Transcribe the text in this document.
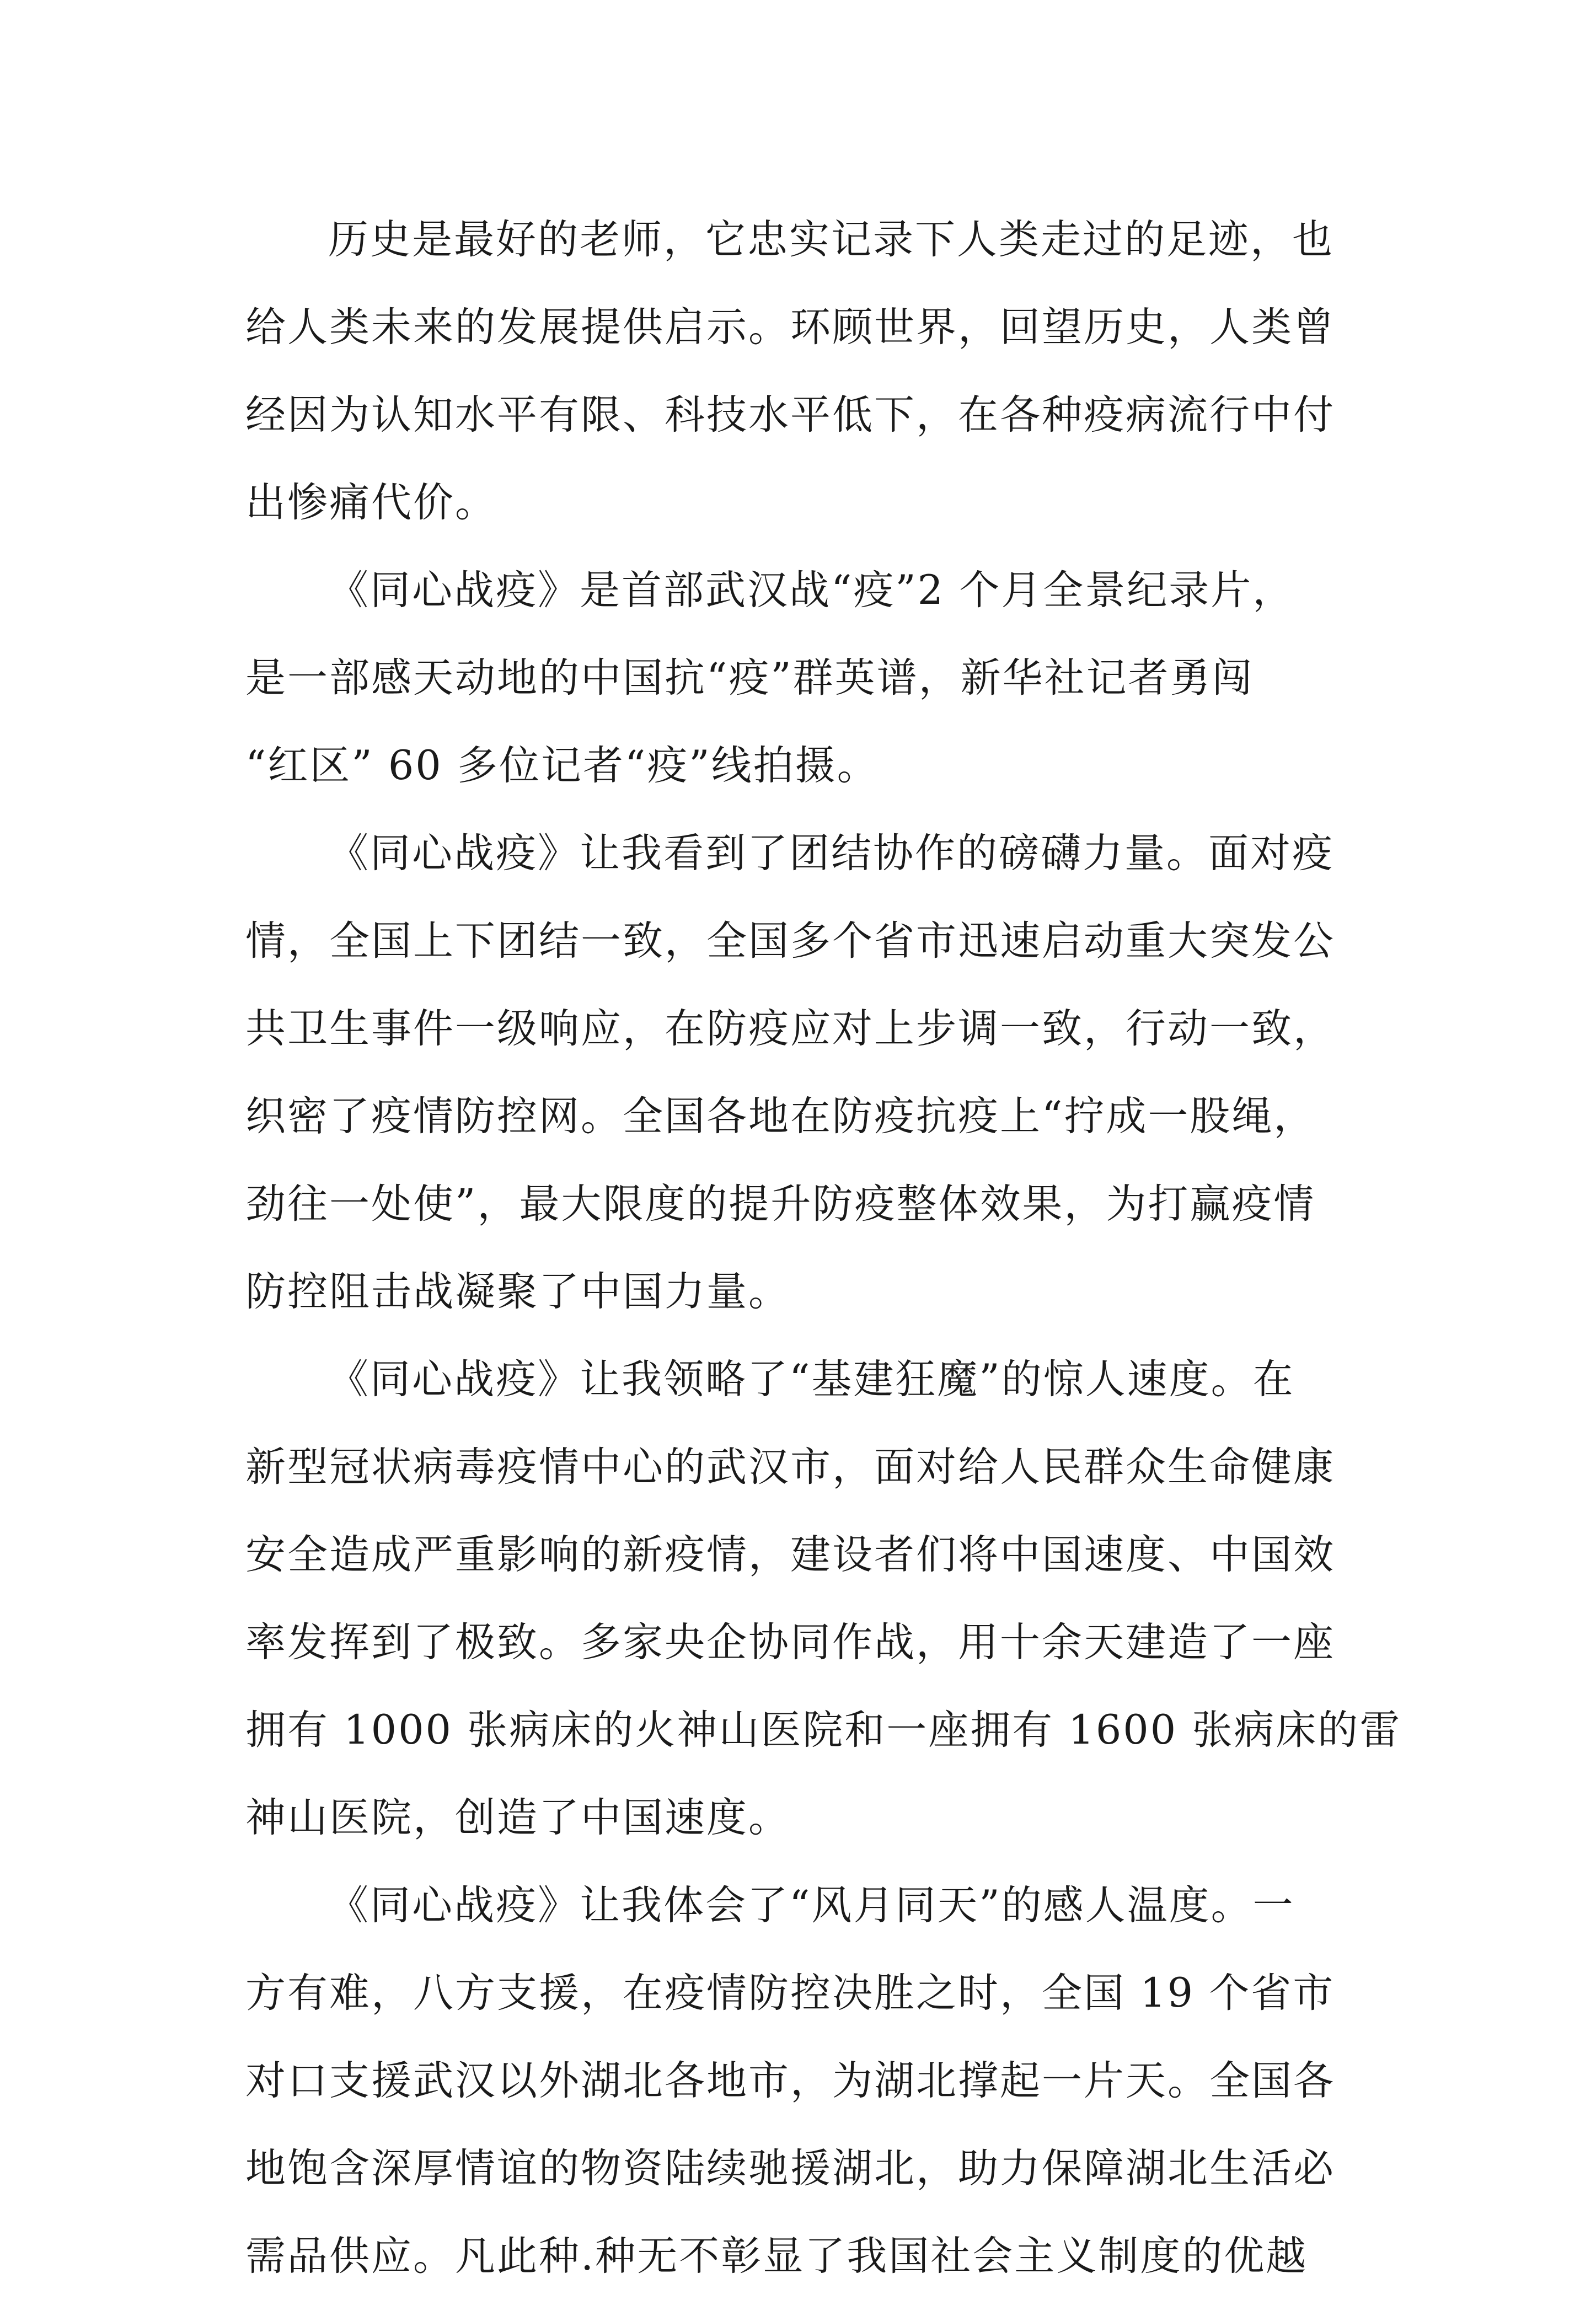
历史是最好的老师，它忠实记录下人类走过的足迹，也
给人类未来的发展提供启示。环顾世界，回望历史，人类曾
经因为认知水平有限、科技水平低下，在各种疫病流行中付
出惨痛代价。
《同心战疫》是首部武汉战“疫”2 个月全景纪录片，
是一部感天动地的中国抗“疫”群英谱，新华社记者勇闯
“红区” 60 多位记者“疫”线拍摄。
《同心战疫》让我看到了团结协作的磅礴力量。面对疫
情，全国上下团结一致，全国多个省市迅速启动重大突发公
共卫生事件一级响应，在防疫应对上步调一致，行动一致，
织密了疫情防控网。全国各地在防疫抗疫上“拧成一股绳，
劲往一处使”，最大限度的提升防疫整体效果，为打赢疫情
防控阻击战凝聚了中国力量。
《同心战疫》让我领略了“基建狂魔”的惊人速度。在
新型冠状病毒疫情中心的武汉市，面对给人民群众生命健康
安全造成严重影响的新疫情，建设者们将中国速度、中国效
率发挥到了极致。多家央企协同作战，用十余天建造了一座
拥有 1000 张病床的火神山医院和一座拥有 1600 张病床的雷
神山医院，创造了中国速度。
《同心战疫》让我体会了“风月同天”的感人温度。一
方有难，八方支援，在疫情防控决胜之时，全国 19 个省市
对口支援武汉以外湖北各地市，为湖北撑起一片天。全国各
地饱含深厚情谊的物资陆续驰援湖北，助力保障湖北生活必
需品供应。凡此种.种无不彰显了我国社会主义制度的优越
